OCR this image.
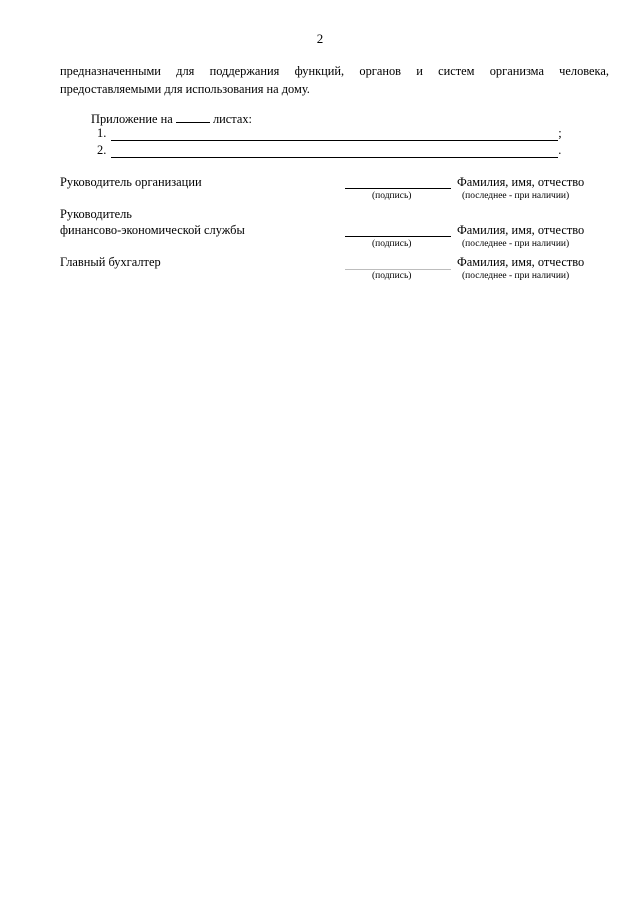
2
предназначенными для поддержания функций, органов и систем организма человека,
предоставляемыми для использования на дому.
Приложение на	листах:
1.	;
2.	.
Руководитель организации	Фамилия, имя, отчество
(подпись)	(последнее - при наличии)
Руководитель
финансово-экономической службы	Фамилия, имя, отчество
(подпись)	(последнее - при наличии)
Главный бухгалтер	Фамилия, имя, отчество
(подпись)	(последнее - при наличии)
